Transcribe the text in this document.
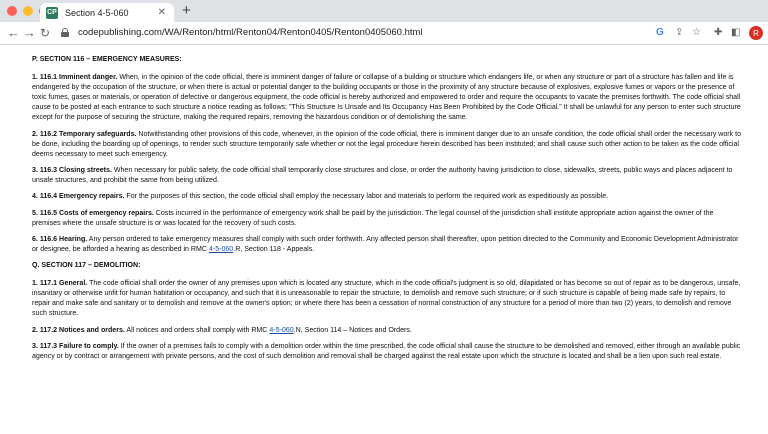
CP Section 4-5-060	✕ +
← → ↻	codepublishing.com/WA/Renton/html/Renton04/Renton0405/Renton0405060.html	G ⇪ ☆ ✚ ◧	R

P. SECTION 116 – EMERGENCY MEASURES:

1. 116.1 Imminent danger. When, in the opinion of the code official, there is imminent danger of failure or collapse of a building or structure which endangers life, or when any structure or part of a structure has fallen and life is endangered by the occupation of the structure, or when there is actual or potential danger to the building occupants or those in the proximity of any structure because of explosives, explosive fumes or vapors or the presence of toxic fumes, gases or materials, or operation of defective or dangerous equipment, the code official is hereby authorized and empowered to order and require the occupants to vacate the premises forthwith. The code official shall cause to be posted at each entrance to such structure a notice reading as follows: "This Structure Is Unsafe and Its Occupancy Has Been Prohibited by the Code Official." It shall be unlawful for any person to enter such structure except for the purpose of securing the structure, making the required repairs, removing the hazardous condition or of demolishing the same.

2. 116.2 Temporary safeguards. Notwithstanding other provisions of this code, whenever, in the opinion of the code official, there is imminent danger due to an unsafe condition, the code official shall order the necessary work to be done, including the boarding up of openings, to render such structure temporarily safe whether or not the legal procedure herein described has been instituted; and shall cause such other action to be taken as the code official deems necessary to meet such emergency.

3. 116.3 Closing streets. When necessary for public safety, the code official shall temporarily close structures and close, or order the authority having jurisdiction to close, sidewalks, streets, public ways and places adjacent to unsafe structures, and prohibit the same from being utilized.

4. 116.4 Emergency repairs. For the purposes of this section, the code official shall employ the necessary labor and materials to perform the required work as expeditiously as possible.

5. 116.5 Costs of emergency repairs. Costs incurred in the performance of emergency work shall be paid by the jurisdiction. The legal counsel of the jurisdiction shall institute appropriate action against the owner of the premises where the unsafe structure is or was located for the recovery of such costs.

6. 116.6 Hearing. Any person ordered to take emergency measures shall comply with such order forthwith. Any affected person shall thereafter, upon petition directed to the Community and Economic Development Administrator or designee, be afforded a hearing as described in RMC 4-5-060.R, Section 118 - Appeals.

Q. SECTION 117 – DEMOLITION:

1. 117.1 General. The code official shall order the owner of any premises upon which is located any structure, which in the code official's judgment is so old, dilapidated or has become so out of repair as to be dangerous, unsafe, insanitary or otherwise unfit for human habitation or occupancy, and such that it is unreasonable to repair the structure, to demolish and remove such structure; or if such structure is capable of being made safe by repairs, to repair and make safe and sanitary or to demolish and remove at the owner's option; or where there has been a cessation of normal construction of any structure for a period of more than two (2) years, to demolish and remove such structure.

2. 117.2 Notices and orders. All notices and orders shall comply with RMC 4-5-060.N, Section 114 – Notices and Orders.

3. 117.3 Failure to comply. If the owner of a premises fails to comply with a demolition order within the time prescribed, the code official shall cause the structure to be demolished and removed, either through an available public agency or by contract or arrangement with private persons, and the cost of such demolition and removal shall be charged against the real estate upon which the structure is located and shall be a lien upon such real estate.
